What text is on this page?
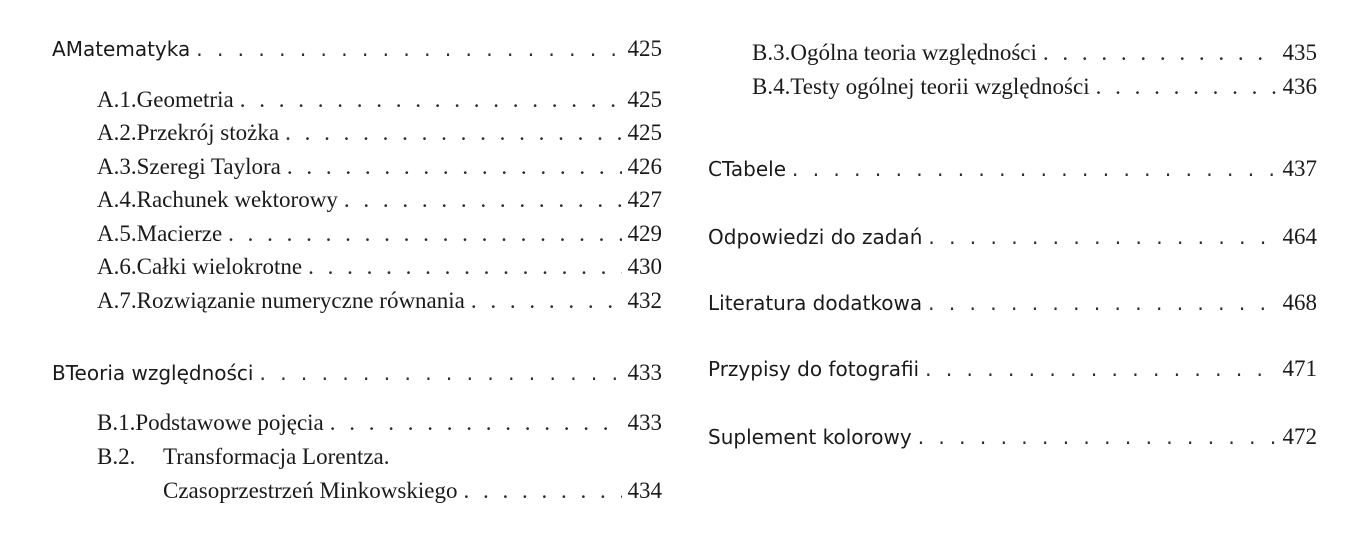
A Matematyka . . .	425
A.1. Geometria . . .	425
A.2. Przekrój stożka . . .	425
A.3. Szeregi Taylora . . .	426
A.4. Rachunek wektorowy . . .	427
A.5. Macierze . . .	429
A.6. Całki wielokrotne . . .	430
A.7. Rozwiązanie numeryczne równania . . .	432
B Teoria względności . . .	433
B.1. Podstawowe pojęcia . . .	433
B.2.	Transformacja Lorentza.
Czasoprzestrzeń Minkowskiego . . .	434
B.3. Ogólna teoria względności . . .	435
B.4. Testy ogólnej teorii względności . . .	436
C Tabele . . .	437
Odpowiedzi do zadań . . .	464
Literatura dodatkowa . . .	468
Przypisy do fotografii . . .	471
Suplement kolorowy . . .	472
